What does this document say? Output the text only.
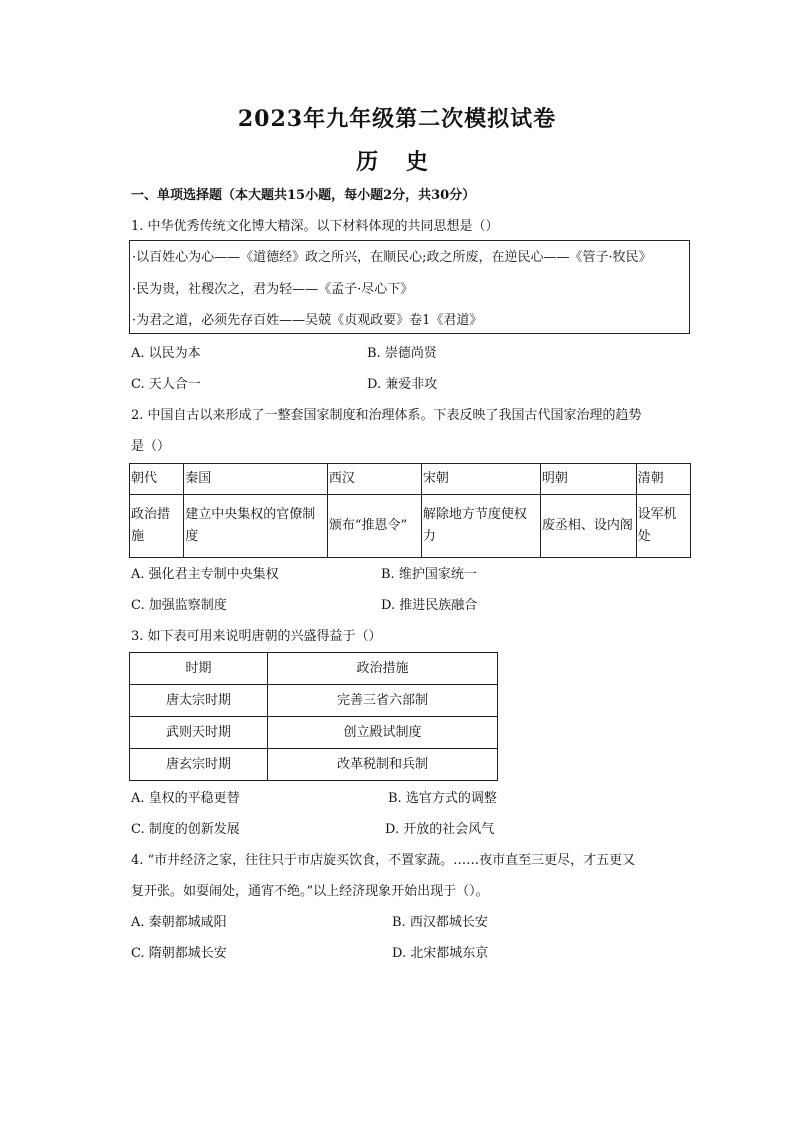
2023年九年级第二次模拟试卷
历 史
一、单项选择题（本大题共15小题，每小题2分，共30分）
1. 中华优秀传统文化博大精深。以下材料体现的共同思想是（）
·以百姓心为心——《道德经》政之所兴，在顺民心;政之所废，在逆民心——《管子·牧民》
·民为贵，社稷次之，君为轻——《孟子·尽心下》
·为君之道，必须先存百姓——吴兢《贞观政要》卷1《君道》
A. 以民为本	B. 崇德尚贤
C. 天人合一	D. 兼爱非攻
2. 中国自古以来形成了一整套国家制度和治理体系。下表反映了我国古代国家治理的趋势
是（）
朝代	秦国	西汉	宋朝	明朝	清朝
政治措施	建立中央集权的官僚制度	颁布“推恩令”	解除地方节度使权力	废丞相、设内阁	设军机处
A. 强化君主专制中央集权	B. 维护国家统一
C. 加强监察制度	D. 推进民族融合
3. 如下表可用来说明唐朝的兴盛得益于（）
时期	政治措施
唐太宗时期	完善三省六部制
武则天时期	创立殿试制度
唐玄宗时期	改革税制和兵制
A. 皇权的平稳更替	B. 选官方式的调整
C. 制度的创新发展	D. 开放的社会风气
4. “市井经济之家，往往只于市店旋买饮食，不置家蔬。……夜市直至三更尽，才五更又
复开张。如耍闹处，通宵不绝。”以上经济现象开始出现于（）。
A. 秦朝都城咸阳	B. 西汉都城长安
C. 隋朝都城长安	D. 北宋都城东京
